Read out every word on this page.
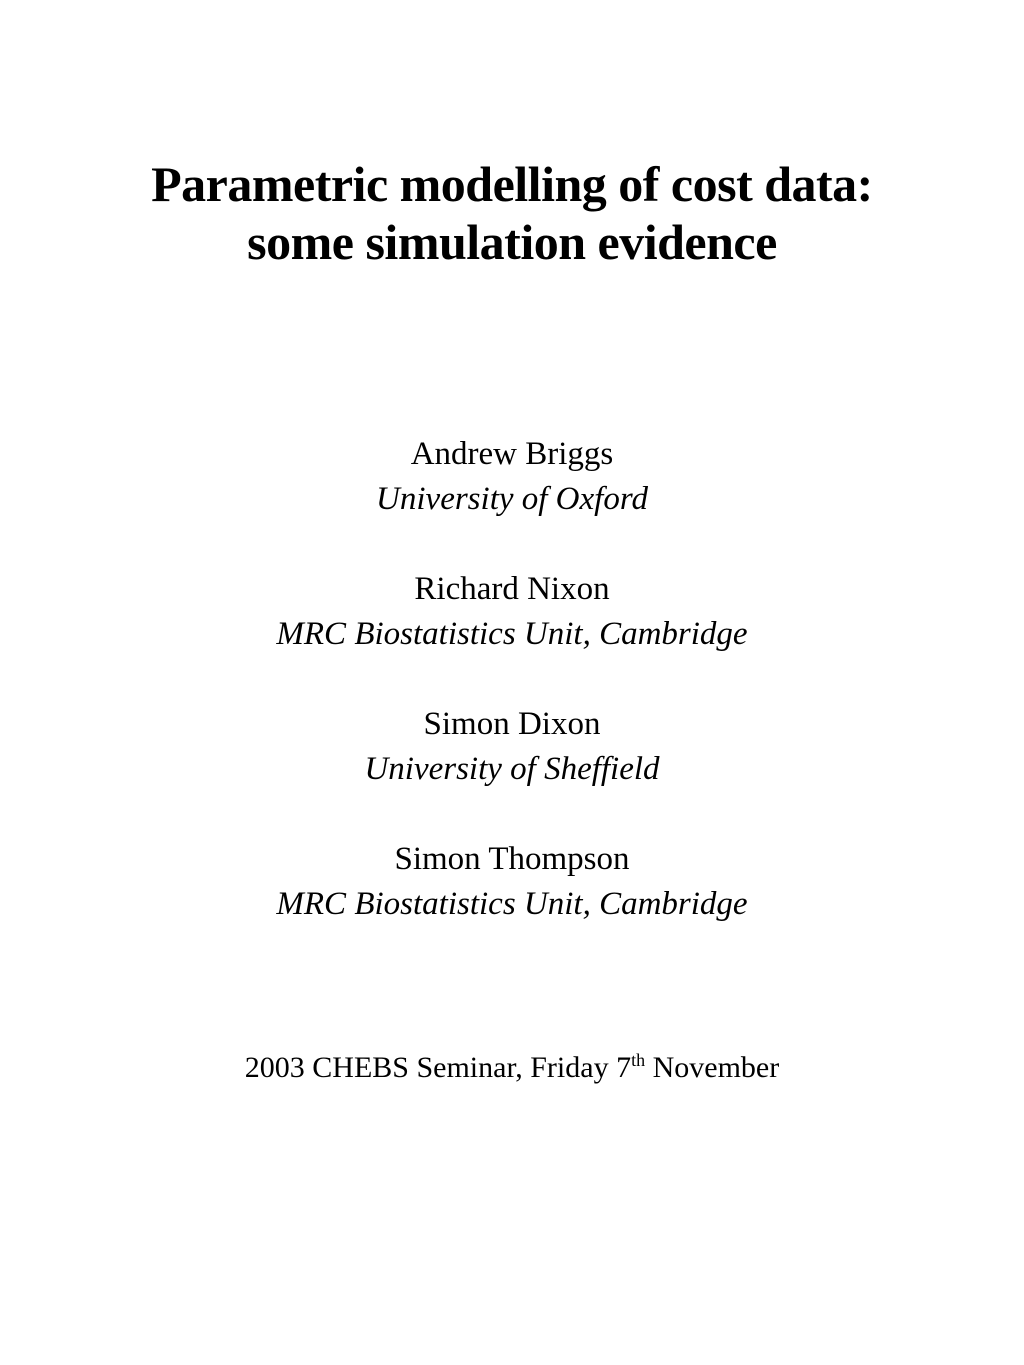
Parametric modelling of cost data:
some simulation evidence
Andrew Briggs
University of Oxford
Richard Nixon
MRC Biostatistics Unit, Cambridge
Simon Dixon
University of Sheffield
Simon Thompson
MRC Biostatistics Unit, Cambridge
2003 CHEBS Seminar, Friday 7th November
